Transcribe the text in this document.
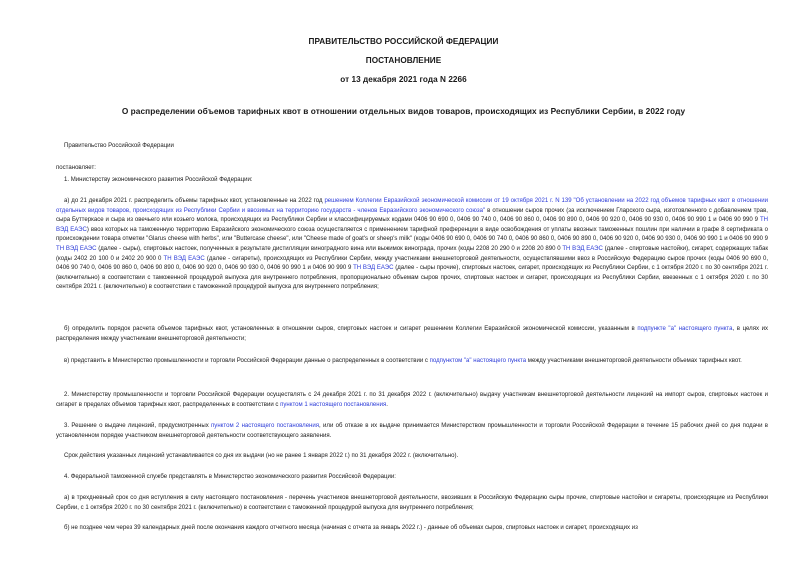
ПРАВИТЕЛЬСТВО РОССИЙСКОЙ ФЕДЕРАЦИИ
ПОСТАНОВЛЕНИЕ
от 13 декабря 2021 года N 2266
О распределении объемов тарифных квот в отношении отдельных видов товаров, происходящих из Республики Сербии, в 2022 году
Правительство Российской Федерации
постановляет:
1. Министерству экономического развития Российской Федерации:
а) до 21 декабря 2021 г. распределить объемы тарифных квот, установленные на 2022 год решением Коллегии Евразийской экономической комиссии от 19 октября 2021 г. N 139 "Об установлении на 2022 год объемов тарифных квот в отношении отдельных видов товаров, происходящих из Республики Сербии и ввозимых на территорию государств - членов Евразийского экономического союза" в отношении сыров прочих (за исключением Гларского сыра, изготовленного с добавлением трав, сыра Буттеркасе и сыра из овечьего или козьего молока, происходящих из Республики Сербии и классифицируемых кодами 0406 90 690 0, 0406 90 740 0, 0406 90 860 0, 0406 90 890 0, 0406 90 920 0, 0406 90 930 0, 0406 90 990 1 и 0406 90 990 9 ТН ВЭД ЕАЭС) ввоз которых на таможенную территорию Евразийского экономического союза осуществляется с применением тарифной преференции в виде освобождения от уплаты ввозных таможенных пошлин при наличии в графе 8 сертификата о происхождении товара отметки "Glarus cheese with herbs", или "Buttercase cheese", или "Cheese made of goat's or sheep's milk" (коды 0406 90 690 0, 0406 90 740 0, 0406 90 860 0, 0406 90 890 0, 0406 90 920 0, 0406 90 930 0, 0406 90 990 1 и 0406 90 990 9 ТН ВЭД ЕАЭС (далее - сыры), спиртовых настоек, полученных в результате дистилляции виноградного вина или выжимок винограда, прочих (коды 2208 20 290 0 и 2208 20 890 0 ТН ВЭД ЕАЭС (далее - спиртовые настойки), сигарет, содержащих табак (коды 2402 20 100 0 и 2402 20 900 0 ТН ВЭД ЕАЭС (далее - сигареты), происходящих из Республики Сербии, между участниками внешнеторговой деятельности, осуществлявшими ввоз в Российскую Федерацию сыров прочих (коды 0406 90 690 0, 0406 90 740 0, 0406 90 860 0, 0406 90 890 0, 0406 90 920 0, 0406 90 930 0, 0406 90 990 1 и 0406 90 990 9 ТН ВЭД ЕАЭС (далее - сыры прочие), спиртовых настоек, сигарет, происходящих из Республики Сербии, с 1 октября 2020 г. по 30 сентября 2021 г. (включительно) в соответствии с таможенной процедурой выпуска для внутреннего потребления, пропорционально объемам сыров прочих, спиртовых настоек и сигарет, происходящих из Республики Сербии, ввезенных с 1 октября 2020 г. по 30 сентября 2021 г. (включительно) в соответствии с таможенной процедурой выпуска для внутреннего потребления;
б) определить порядок расчета объемов тарифных квот, установленных в отношении сыров, спиртовых настоек и сигарет решением Коллегии Евразийской экономической комиссии, указанным в подпункте "а" настоящего пункта, в целях их распределения между участниками внешнеторговой деятельности;
в) представить в Министерство промышленности и торговли Российской Федерации данные о распределенных в соответствии с подпунктом "а" настоящего пункта между участниками внешнеторговой деятельности объемах тарифных квот.
2. Министерству промышленности и торговли Российской Федерации осуществлять с 24 декабря 2021 г. по 31 декабря 2022 г. (включительно) выдачу участникам внешнеторговой деятельности лицензий на импорт сыров, спиртовых настоек и сигарет в пределах объемов тарифных квот, распределенных в соответствии с пунктом 1 настоящего постановления.
3. Решение о выдаче лицензий, предусмотренных пунктом 2 настоящего постановления, или об отказе в их выдаче принимается Министерством промышленности и торговли Российской Федерации в течение 15 рабочих дней со дня подачи в установленном порядке участником внешнеторговой деятельности соответствующего заявления.
Срок действия указанных лицензий устанавливается со дня их выдачи (но не ранее 1 января 2022 г.) по 31 декабря 2022 г. (включительно).
4. Федеральной таможенной службе представлять в Министерство экономического развития Российской Федерации:
а) в трехдневный срок со дня вступления в силу настоящего постановления - перечень участников внешнеторговой деятельности, ввозивших в Российскую Федерацию сыры прочие, спиртовые настойки и сигареты, происходящие из Республики Сербии, с 1 октября 2020 г. по 30 сентября 2021 г. (включительно) в соответствии с таможенной процедурой выпуска для внутреннего потребления;
б) не позднее чем через 39 календарных дней после окончания каждого отчетного месяца (начиная с отчета за январь 2022 г.) - данные об объемах сыров, спиртовых настоек и сигарет, происходящих из
